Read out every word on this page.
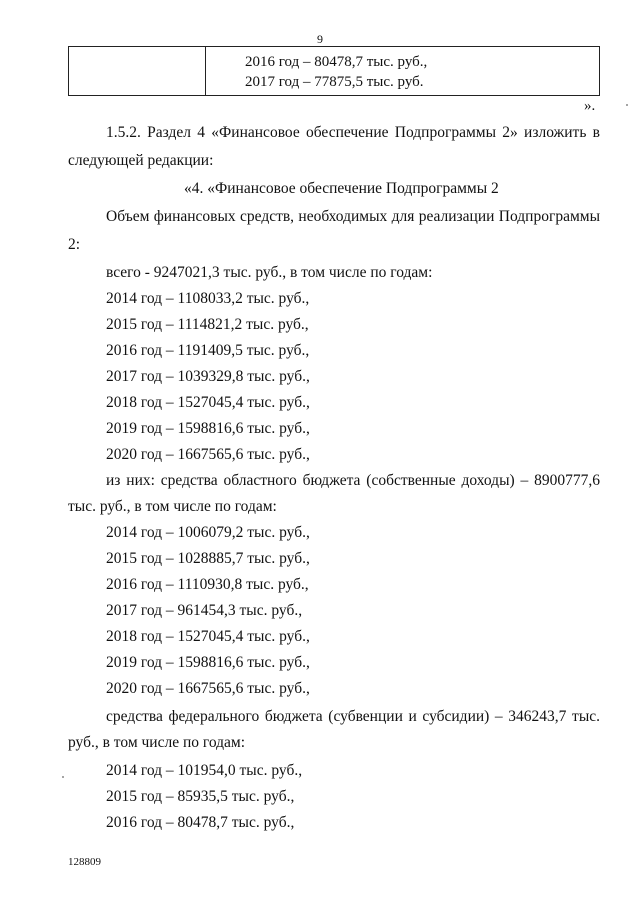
9
2016 год – 80478,7 тыс. руб.,
2017 год – 77875,5 тыс. руб.
».
1.5.2. Раздел 4 «Финансовое обеспечение Подпрограммы 2» изложить в
следующей редакции:
«4. «Финансовое обеспечение Подпрограммы 2
Объем финансовых средств, необходимых для реализации Подпрограммы
2:
всего - 9247021,3 тыс. руб., в том числе по годам:
2014 год – 1108033,2 тыс. руб.,
2015 год – 1114821,2 тыс. руб.,
2016 год – 1191409,5 тыс. руб.,
2017 год – 1039329,8 тыс. руб.,
2018 год – 1527045,4 тыс. руб.,
2019 год – 1598816,6 тыс. руб.,
2020 год – 1667565,6 тыс. руб.,
из них: средства областного бюджета (собственные доходы) – 8900777,6
тыс. руб., в том числе по годам:
2014 год – 1006079,2 тыс. руб.,
2015 год – 1028885,7 тыс. руб.,
2016 год – 1110930,8 тыс. руб.,
2017 год – 961454,3 тыс. руб.,
2018 год – 1527045,4 тыс. руб.,
2019 год – 1598816,6 тыс. руб.,
2020 год – 1667565,6 тыс. руб.,
средства федерального бюджета (субвенции и субсидии) – 346243,7 тыс.
руб., в том числе по годам:
2014 год – 101954,0 тыс. руб.,
2015 год – 85935,5 тыс. руб.,
2016 год – 80478,7 тыс. руб.,
128809
